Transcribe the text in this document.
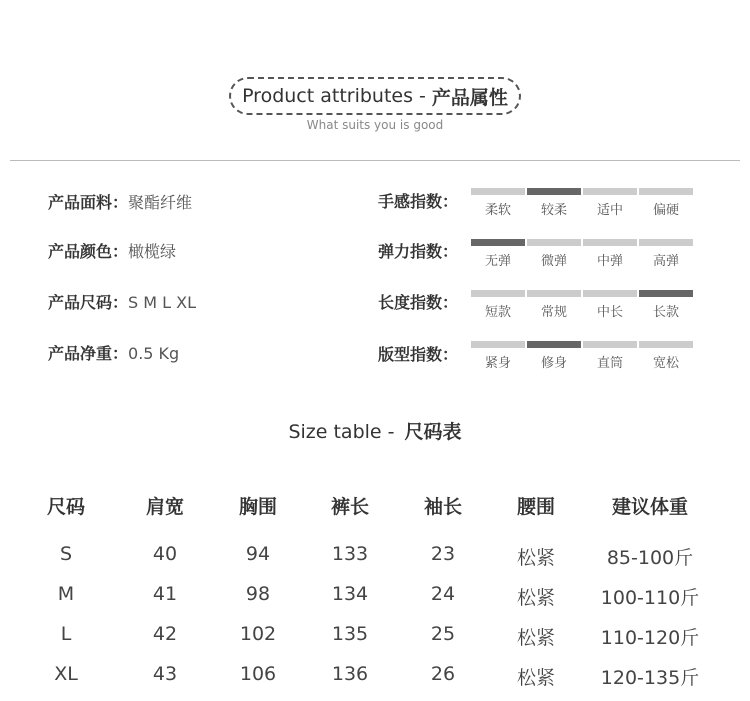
Product attributes - 产品属性
What suits you is good
产品面料：聚酯纤维
产品颜色：橄榄绿
产品尺码：S M L XL
产品净重：0.5 Kg
手感指数：	柔软	较柔	适中	偏硬
弹力指数：
无弹	微弹	中弹	高弹
长度指数：
短款	常规	中长	长款
版型指数：	紧身	修身	直筒	宽松
Size table - 尺码表
尺码	肩宽	胸围	裤长	袖长	腰围	建议体重
S	40	94	133	23	松紧	85-100斤
M	41	98	134	24	松紧	100-110斤
L	42	102	135	25	松紧	110-120斤
XL	43	106	136	26	松紧	120-135斤
